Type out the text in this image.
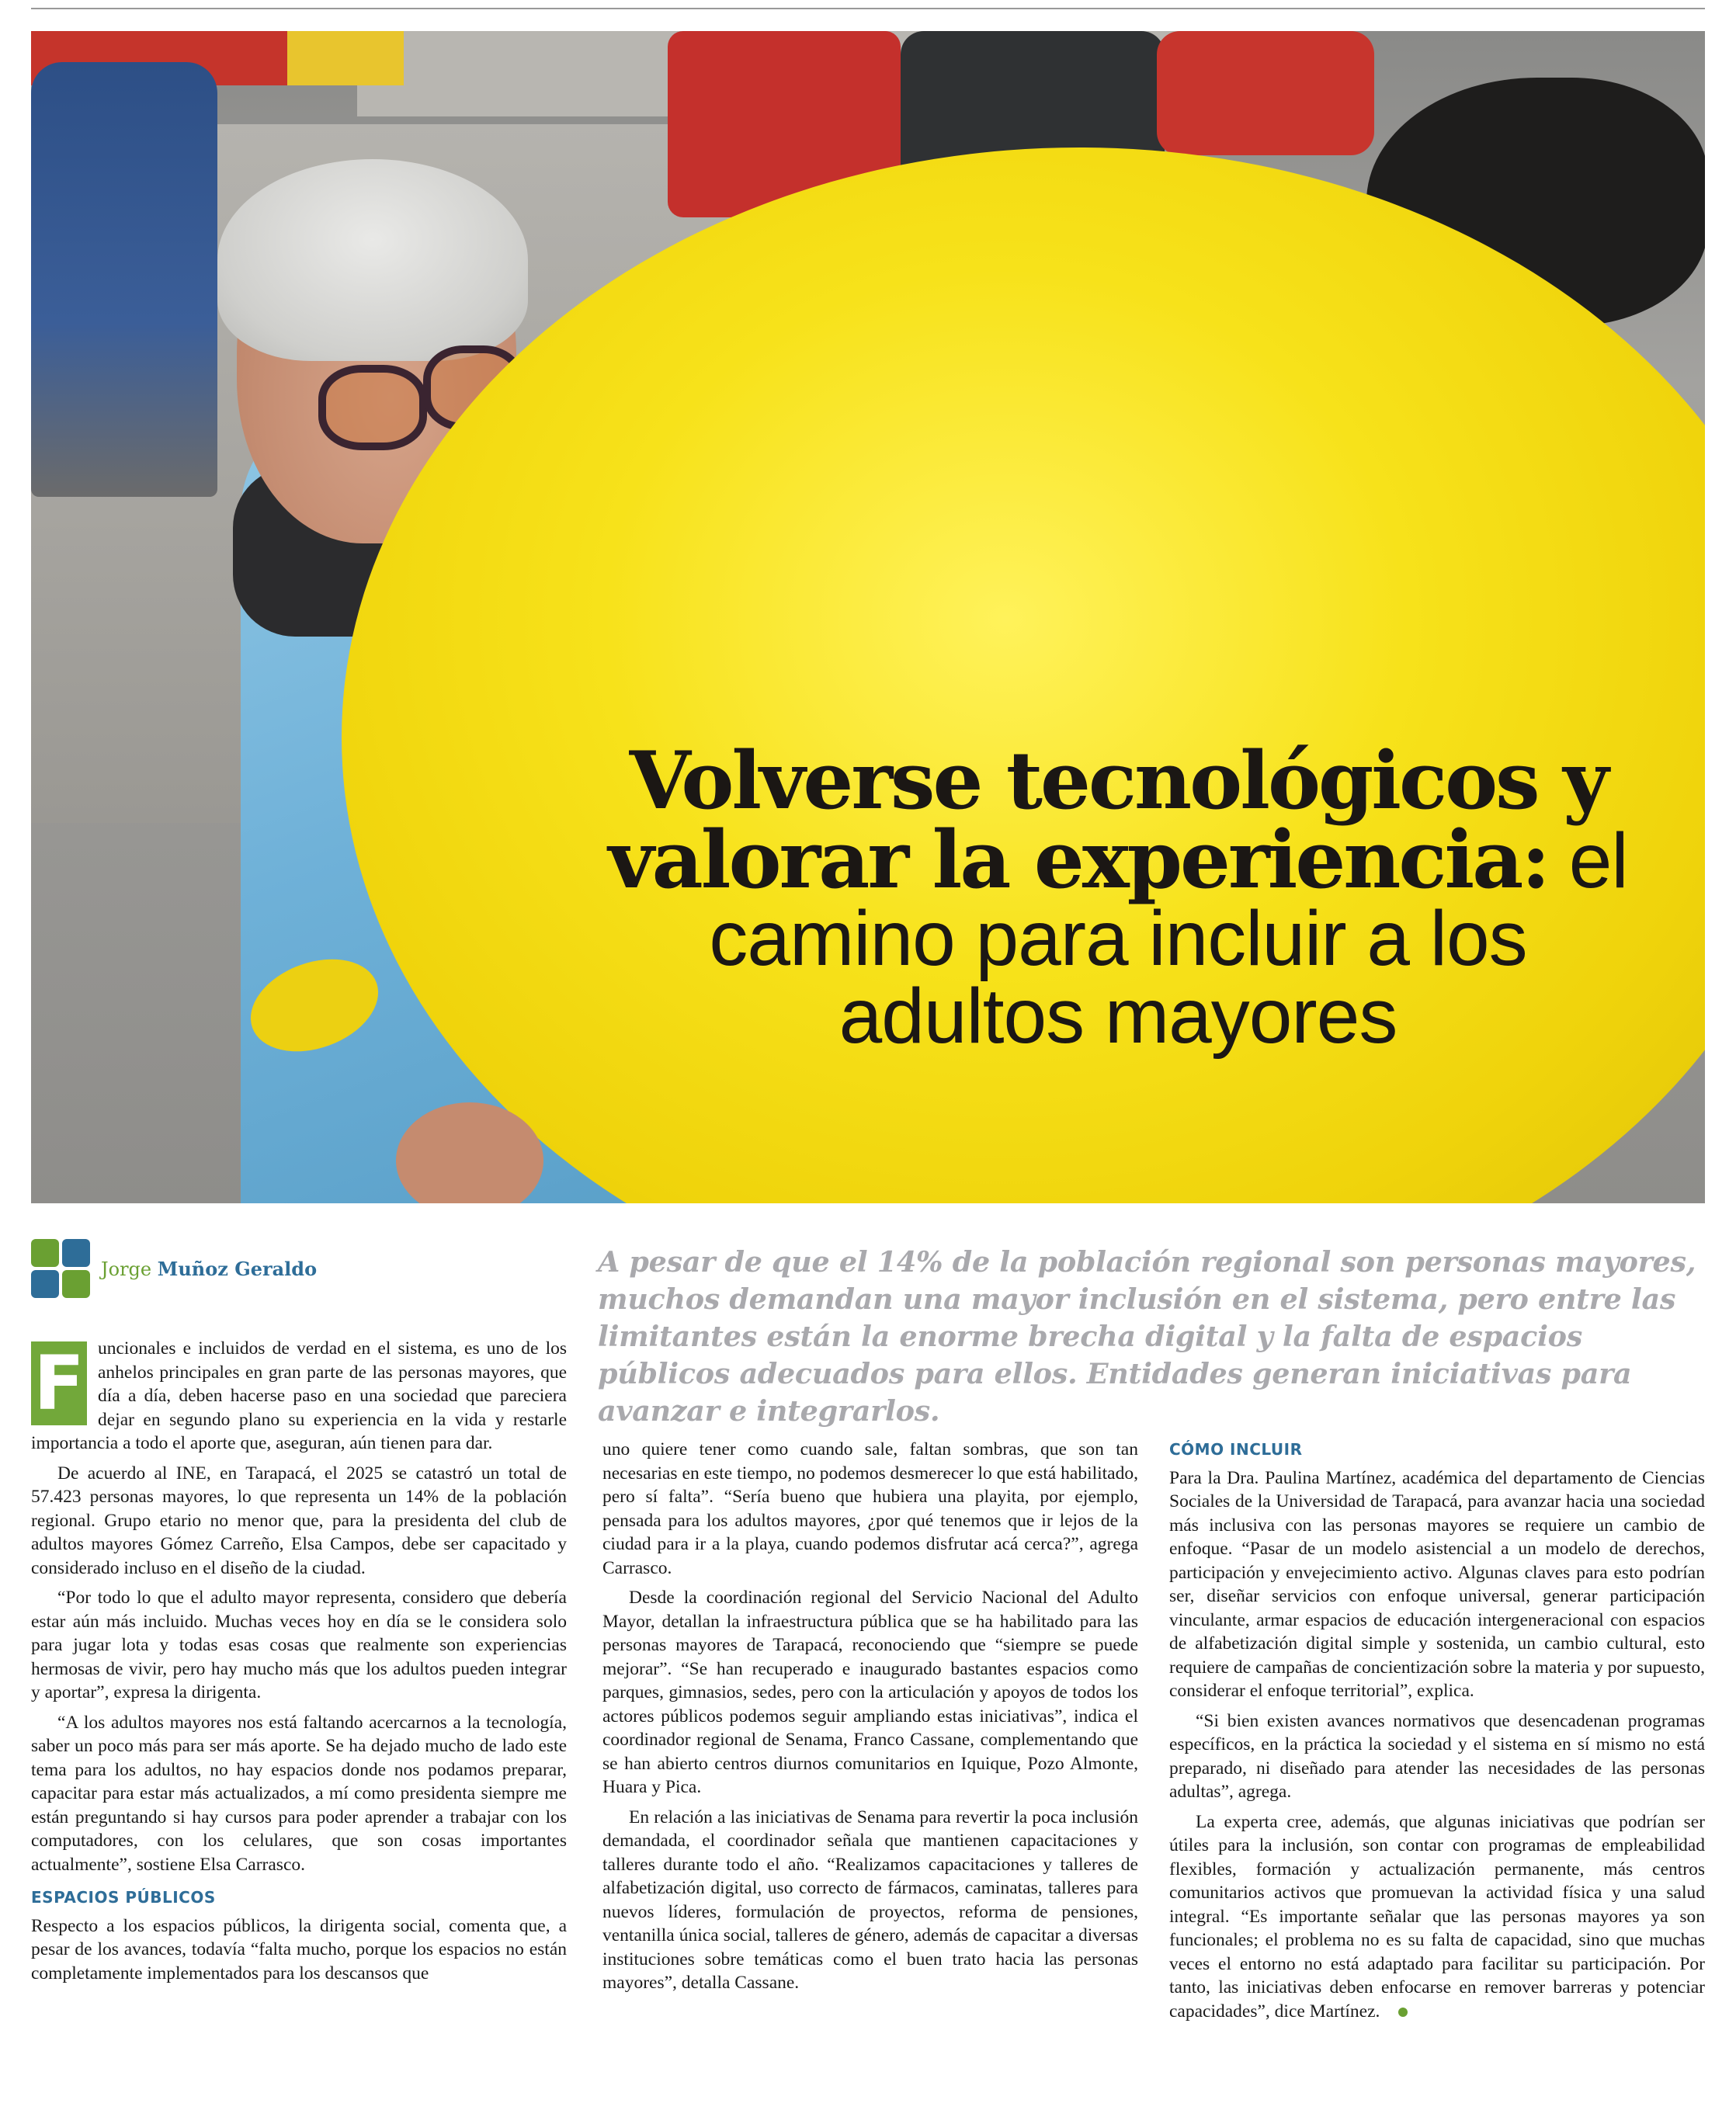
Volverse tecnológicos y
valorar la experiencia: el
camino para incluir a los
adultos mayores
Jorge Muñoz Geraldo	A pesar de que el 14% de la población regional son personas mayores, muchos demandan una mayor inclusión en el sistema, pero entre las limitantes están la enorme brecha digital y la falta de espacios públicos adecuados para ellos. Entidades generan iniciativas para avanzar e integrarlos.

F uncionales e incluidos de verdad en el sistema, es uno de los anhelos principales en gran parte de las personas mayores, que día a día, deben hacerse paso en una sociedad que pareciera dejar en segundo plano su experiencia en la vida y restarle importancia a todo el aporte que, aseguran, aún tienen para dar.

De acuerdo al INE, en Tarapacá, el 2025 se catastró un total de 57.423 personas mayores, lo que representa un 14% de la población regional. Grupo etario no menor que, para la presidenta del club de adultos mayores Gómez Carreño, Elsa Campos, debe ser capacitado y considerado incluso en el diseño de la ciudad.

“Por todo lo que el adulto mayor representa, considero que debería estar aún más incluido. Muchas veces hoy en día se le considera solo para jugar lota y todas esas cosas que realmente son experiencias hermosas de vivir, pero hay mucho más que los adultos pueden integrar y aportar”, expresa la dirigenta.

“A los adultos mayores nos está faltando acercarnos a la tecnología, saber un poco más para ser más aporte. Se ha dejado mucho de lado este tema para los adultos, no hay espacios donde nos podamos preparar, capacitar para estar más actualizados, a mí como presidenta siempre me están preguntando si hay cursos para poder aprender a trabajar con los computadores, con los celulares, que son cosas importantes actualmente”, sostiene Elsa Carrasco.

ESPACIOS PÚBLICOS

Respecto a los espacios públicos, la dirigenta social, comenta que, a pesar de los avances, todavía “falta mucho, porque los espacios no están completamente implementados para los descansos que

uno quiere tener como cuando sale, faltan sombras, que son tan necesarias en este tiempo, no podemos desmerecer lo que está habilitado, pero sí falta”. “Sería bueno que hubiera una playita, por ejemplo, pensada para los adultos mayores, ¿por qué tenemos que ir lejos de la ciudad para ir a la playa, cuando podemos disfrutar acá cerca?”, agrega Carrasco.

Desde la coordinación regional del Servicio Nacional del Adulto Mayor, detallan la infraestructura pública que se ha habilitado para las personas mayores de Tarapacá, reconociendo que “siempre se puede mejorar”. “Se han recuperado e inaugurado bastantes espacios como parques, gimnasios, sedes, pero con la articulación y apoyos de todos los actores públicos podemos seguir ampliando estas iniciativas”, indica el coordinador regional de Senama, Franco Cassane, complementando que se han abierto centros diurnos comunitarios en Iquique, Pozo Almonte, Huara y Pica.

En relación a las iniciativas de Senama para revertir la poca inclusión demandada, el coordinador señala que mantienen capacitaciones y talleres durante todo el año. “Realizamos capacitaciones y talleres de alfabetización digital, uso correcto de fármacos, caminatas, talleres para nuevos líderes, formulación de proyectos, reforma de pensiones, ventanilla única social, talleres de género, además de capacitar a diversas instituciones sobre temáticas como el buen trato hacia las personas mayores”, detalla Cassane.

CÓMO INCLUIR

Para la Dra. Paulina Martínez, académica del departamento de Ciencias Sociales de la Universidad de Tarapacá, para avanzar hacia una sociedad más inclusiva con las personas mayores se requiere un cambio de enfoque. “Pasar de un modelo asistencial a un modelo de derechos, participación y envejecimiento activo. Algunas claves para esto podrían ser, diseñar servicios con enfoque universal, generar participación vinculante, armar espacios de educación intergeneracional con espacios de alfabetización digital simple y sostenida, un cambio cultural, esto requiere de campañas de concientización sobre la materia y por supuesto, considerar el enfoque territorial”, explica.

“Si bien existen avances normativos que desencadenan programas específicos, en la práctica la sociedad y el sistema en sí mismo no está preparado, ni diseñado para atender las necesidades de las personas adultas”, agrega.

La experta cree, además, que algunas iniciativas que podrían ser útiles para la inclusión, son contar con programas de empleabilidad flexibles, formación y actualización permanente, más centros comunitarios activos que promuevan la actividad física y una salud integral. “Es importante señalar que las personas mayores ya son funcionales; el problema no es su falta de capacidad, sino que muchas veces el entorno no está adaptado para facilitar su participación. Por tanto, las iniciativas deben enfocarse en remover barreras y potenciar capacidades”, dice Martínez.
